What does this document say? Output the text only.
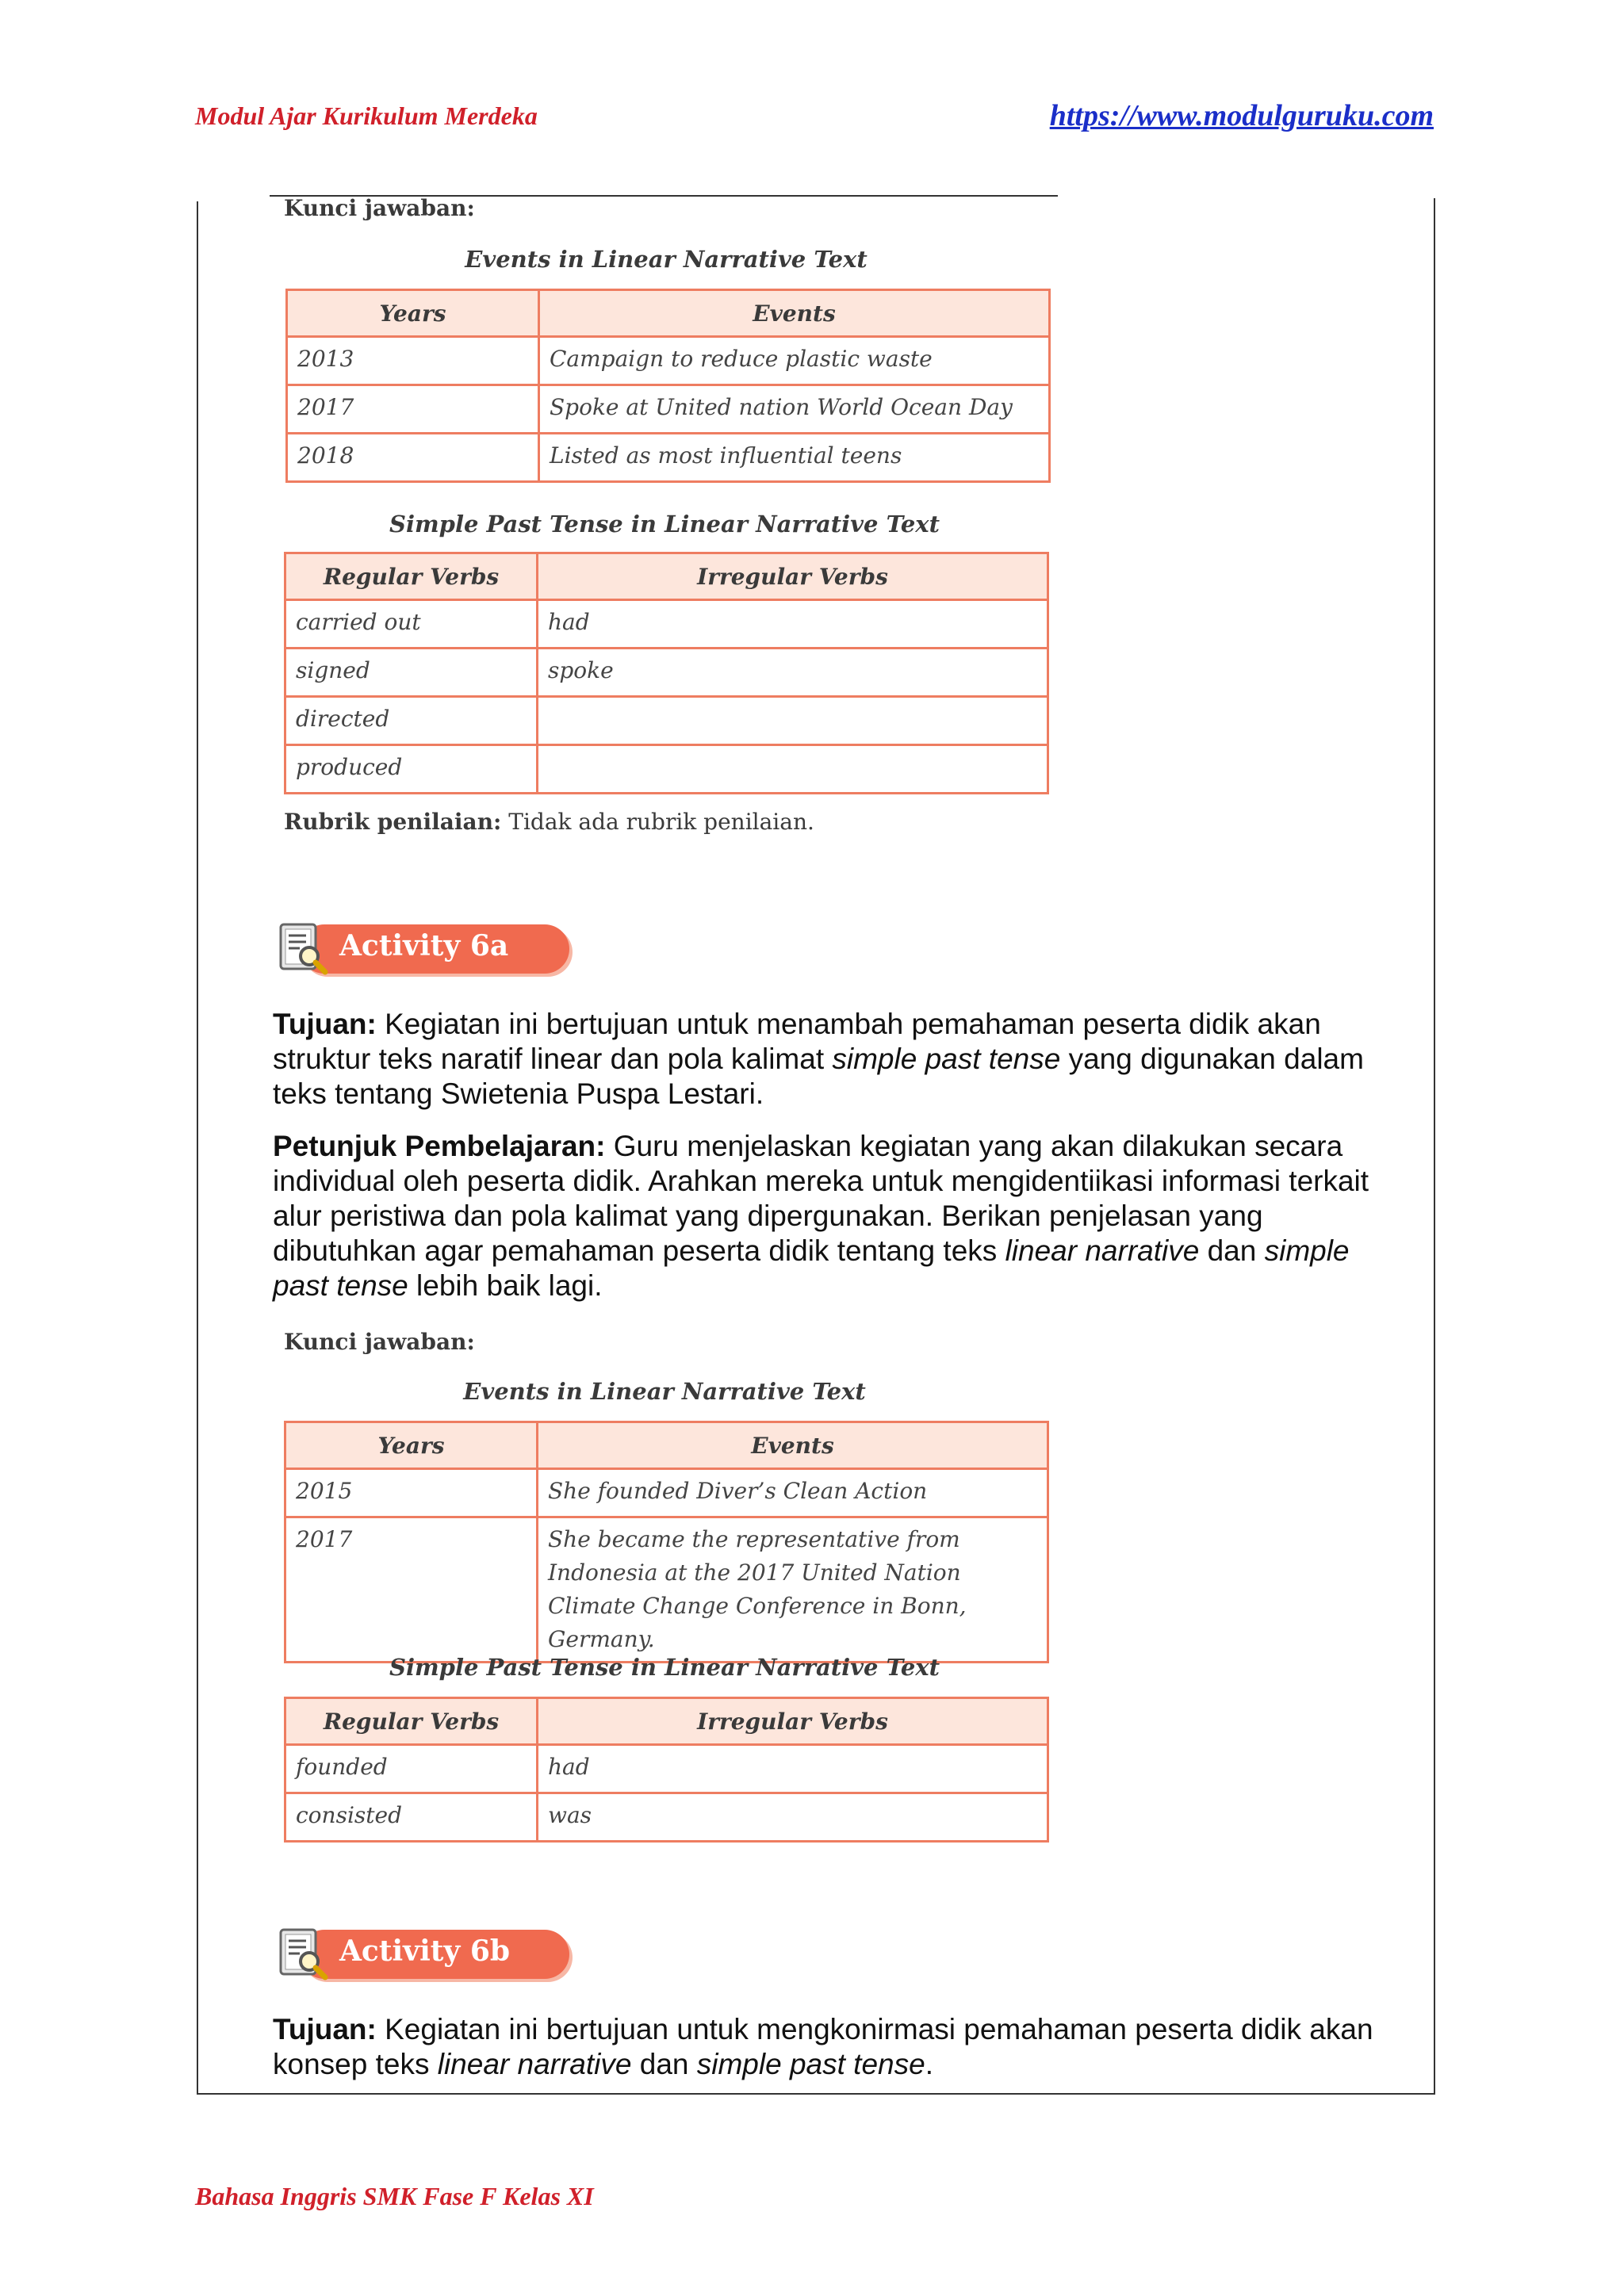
Modul Ajar Kurikulum Merdeka	https://www.modulguruku.com
Bahasa Inggris SMK Fase F Kelas XI
Kunci jawaban:
Events in Linear Narrative Text
Years	Events
2013	Campaign to reduce plastic waste
2017	Spoke at United nation World Ocean Day
2018	Listed as most influential teens
Simple Past Tense in Linear Narrative Text
Regular Verbs	Irregular Verbs
carried out	had
signed	spoke
directed	
produced	
Rubrik penilaian: Tidak ada rubrik penilaian.
Activity 6a
Tujuan: Kegiatan ini bertujuan untuk menambah pemahaman peserta didik akan struktur teks naratif linear dan pola kalimat simple past tense yang digunakan dalam teks tentang Swietenia Puspa Lestari.
Petunjuk Pembelajaran: Guru menjelaskan kegiatan yang akan dilakukan secara individual oleh peserta didik. Arahkan mereka untuk mengidentiikasi informasi terkait alur peristiwa dan pola kalimat yang dipergunakan. Berikan penjelasan yang dibutuhkan agar pemahaman peserta didik tentang teks linear narrative dan simple past tense lebih baik lagi.
Kunci jawaban:
Events in Linear Narrative Text
Years	Events
2015	She founded Diver’s Clean Action
2017	She became the representative from Indonesia at the 2017 United Nation Climate Change Conference in Bonn, Germany.
Simple Past Tense in Linear Narrative Text
Regular Verbs	Irregular Verbs
founded	had
consisted	was
Activity 6b
Tujuan: Kegiatan ini bertujuan untuk mengkonirmasi pemahaman peserta didik akan konsep teks linear narrative dan simple past tense.
